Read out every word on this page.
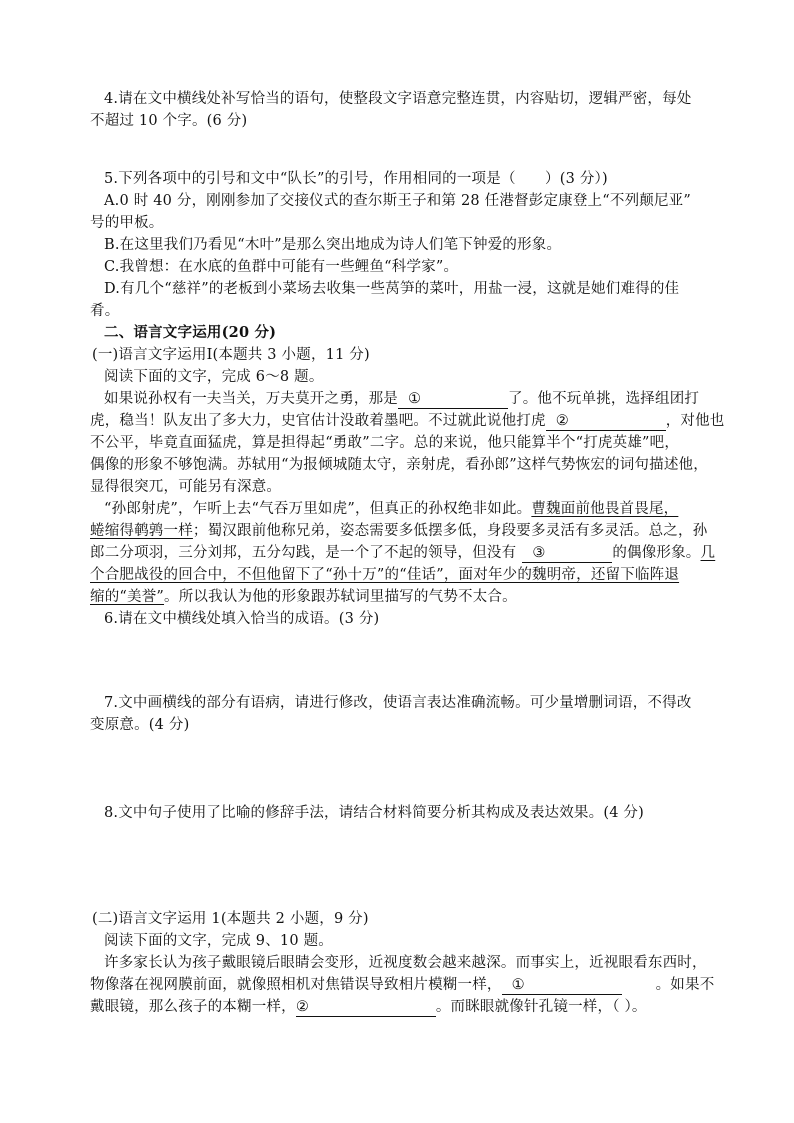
4.请在文中横线处补写恰当的语句，使整段文字语意完整连贯，内容贴切，逻辑严密，每处
不超过 10 个字。(6 分)
5.下列各项中的引号和文中“队长”的引号，作用相同的一项是（　　）(3 分）)
A.0 时 40 分，刚刚参加了交接仪式的查尔斯王子和第 28 任港督彭定康登上“不列颠尼亚”
号的甲板。
B.在这里我们乃看见“木叶”是那么突出地成为诗人们笔下钟爱的形象。
C.我曾想：在水底的鱼群中可能有一些鲤鱼“科学家”。
D.有几个“慈祥”的老板到小菜场去收集一些莴笋的菜叶，用盐一浸，这就是她们难得的佳
肴。
二、语言文字运用(20 分)
(一)语言文字运用Ⅰ(本题共 3 小题，11 分)
阅读下面的文字，完成 6～8 题。
如果说孙权有一夫当关，万夫莫开之勇，那是 ①	了。他不玩单挑，选择组团打
虎，稳当！队友出了多大力，史官估计没敢着墨吧。不过就此说他打虎 ②	，对他也
不公平，毕竟直面猛虎，算是担得起“勇敢”二字。总的来说，他只能算半个“打虎英雄”吧，
偶像的形象不够饱满。苏轼用“为报倾城随太守，亲射虎，看孙郎”这样气势恢宏的词句描述他，
显得很突兀，可能另有深意。
“孙郎射虎”，乍听上去“气吞万里如虎”，但真正的孙权绝非如此。曹魏面前他畏首畏尾，
蜷缩得鹌鹑一样；蜀汉跟前他称兄弟，姿态需要多低摆多低，身段要多灵活有多灵活。总之，孙
郎二分项羽，三分刘邦，五分勾践，是一个了不起的领导，但没有 ③	的偶像形象。几
个合肥战役的回合中，不但他留下了“孙十万”的“佳话”，面对年少的魏明帝，还留下临阵退
缩的“美誉”。所以我认为他的形象跟苏轼词里描写的气势不太合。
6.请在文中横线处填入恰当的成语。(3 分)
7.文中画横线的部分有语病，请进行修改，使语言表达准确流畅。可少量增删词语，不得改
变原意。(4 分)
8.文中句子使用了比喻的修辞手法，请结合材料简要分析其构成及表达效果。(4 分)
(二)语言文字运用 1(本题共 2 小题，9 分)
阅读下面的文字，完成 9、10 题。
许多家长认为孩子戴眼镜后眼睛会变形，近视度数会越来越深。而事实上，近视眼看东西时，
物像落在视网膜前面，就像照相机对焦错误导致相片模糊一样， ①	。如果不
戴眼镜，那么孩子的本糊一样，②	。而眯眼就像针孔镜一样，（ ）。
